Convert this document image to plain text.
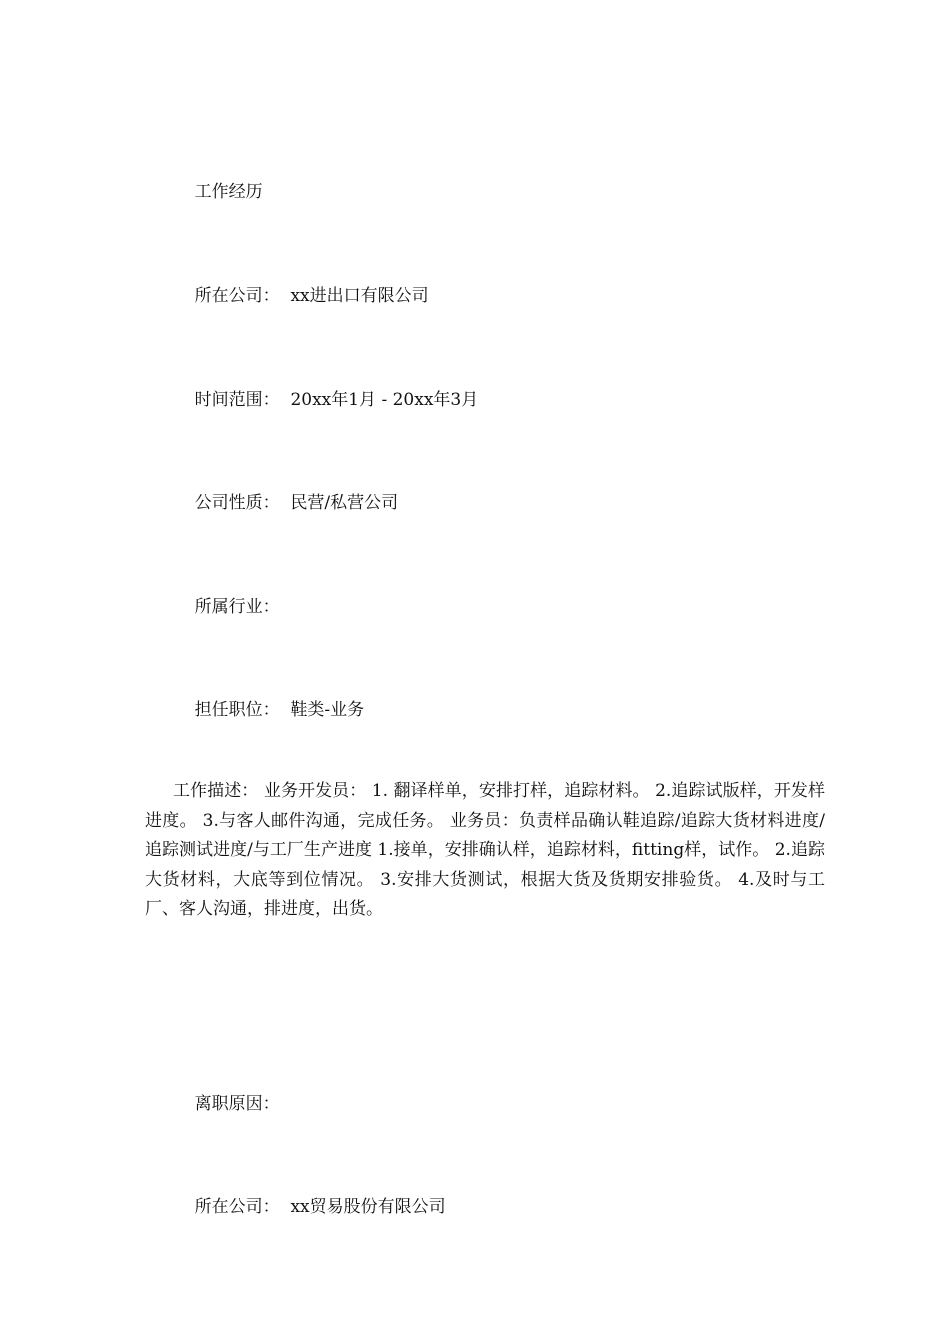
工作经历

所在公司： xx进出口有限公司

时间范围： 20xx年1月 - 20xx年3月

公司性质： 民营/私营公司

所属行业：

担任职位： 鞋类-业务

工作描述： 业务开发员： 1. 翻译样单，安排打样，追踪材料。 2.追踪试版样，开发样进度。 3.与客人邮件沟通，完成任务。 业务员：负责样品确认鞋追踪/追踪大货材料进度/追踪测试进度/与工厂生产进度 1.接单，安排确认样，追踪材料，fitting样，试作。 2.追踪大货材料，大底等到位情况。 3.安排大货测试，根据大货及货期安排验货。 4.及时与工厂、客人沟通，排进度，出货。

离职原因：

所在公司： xx贸易股份有限公司
